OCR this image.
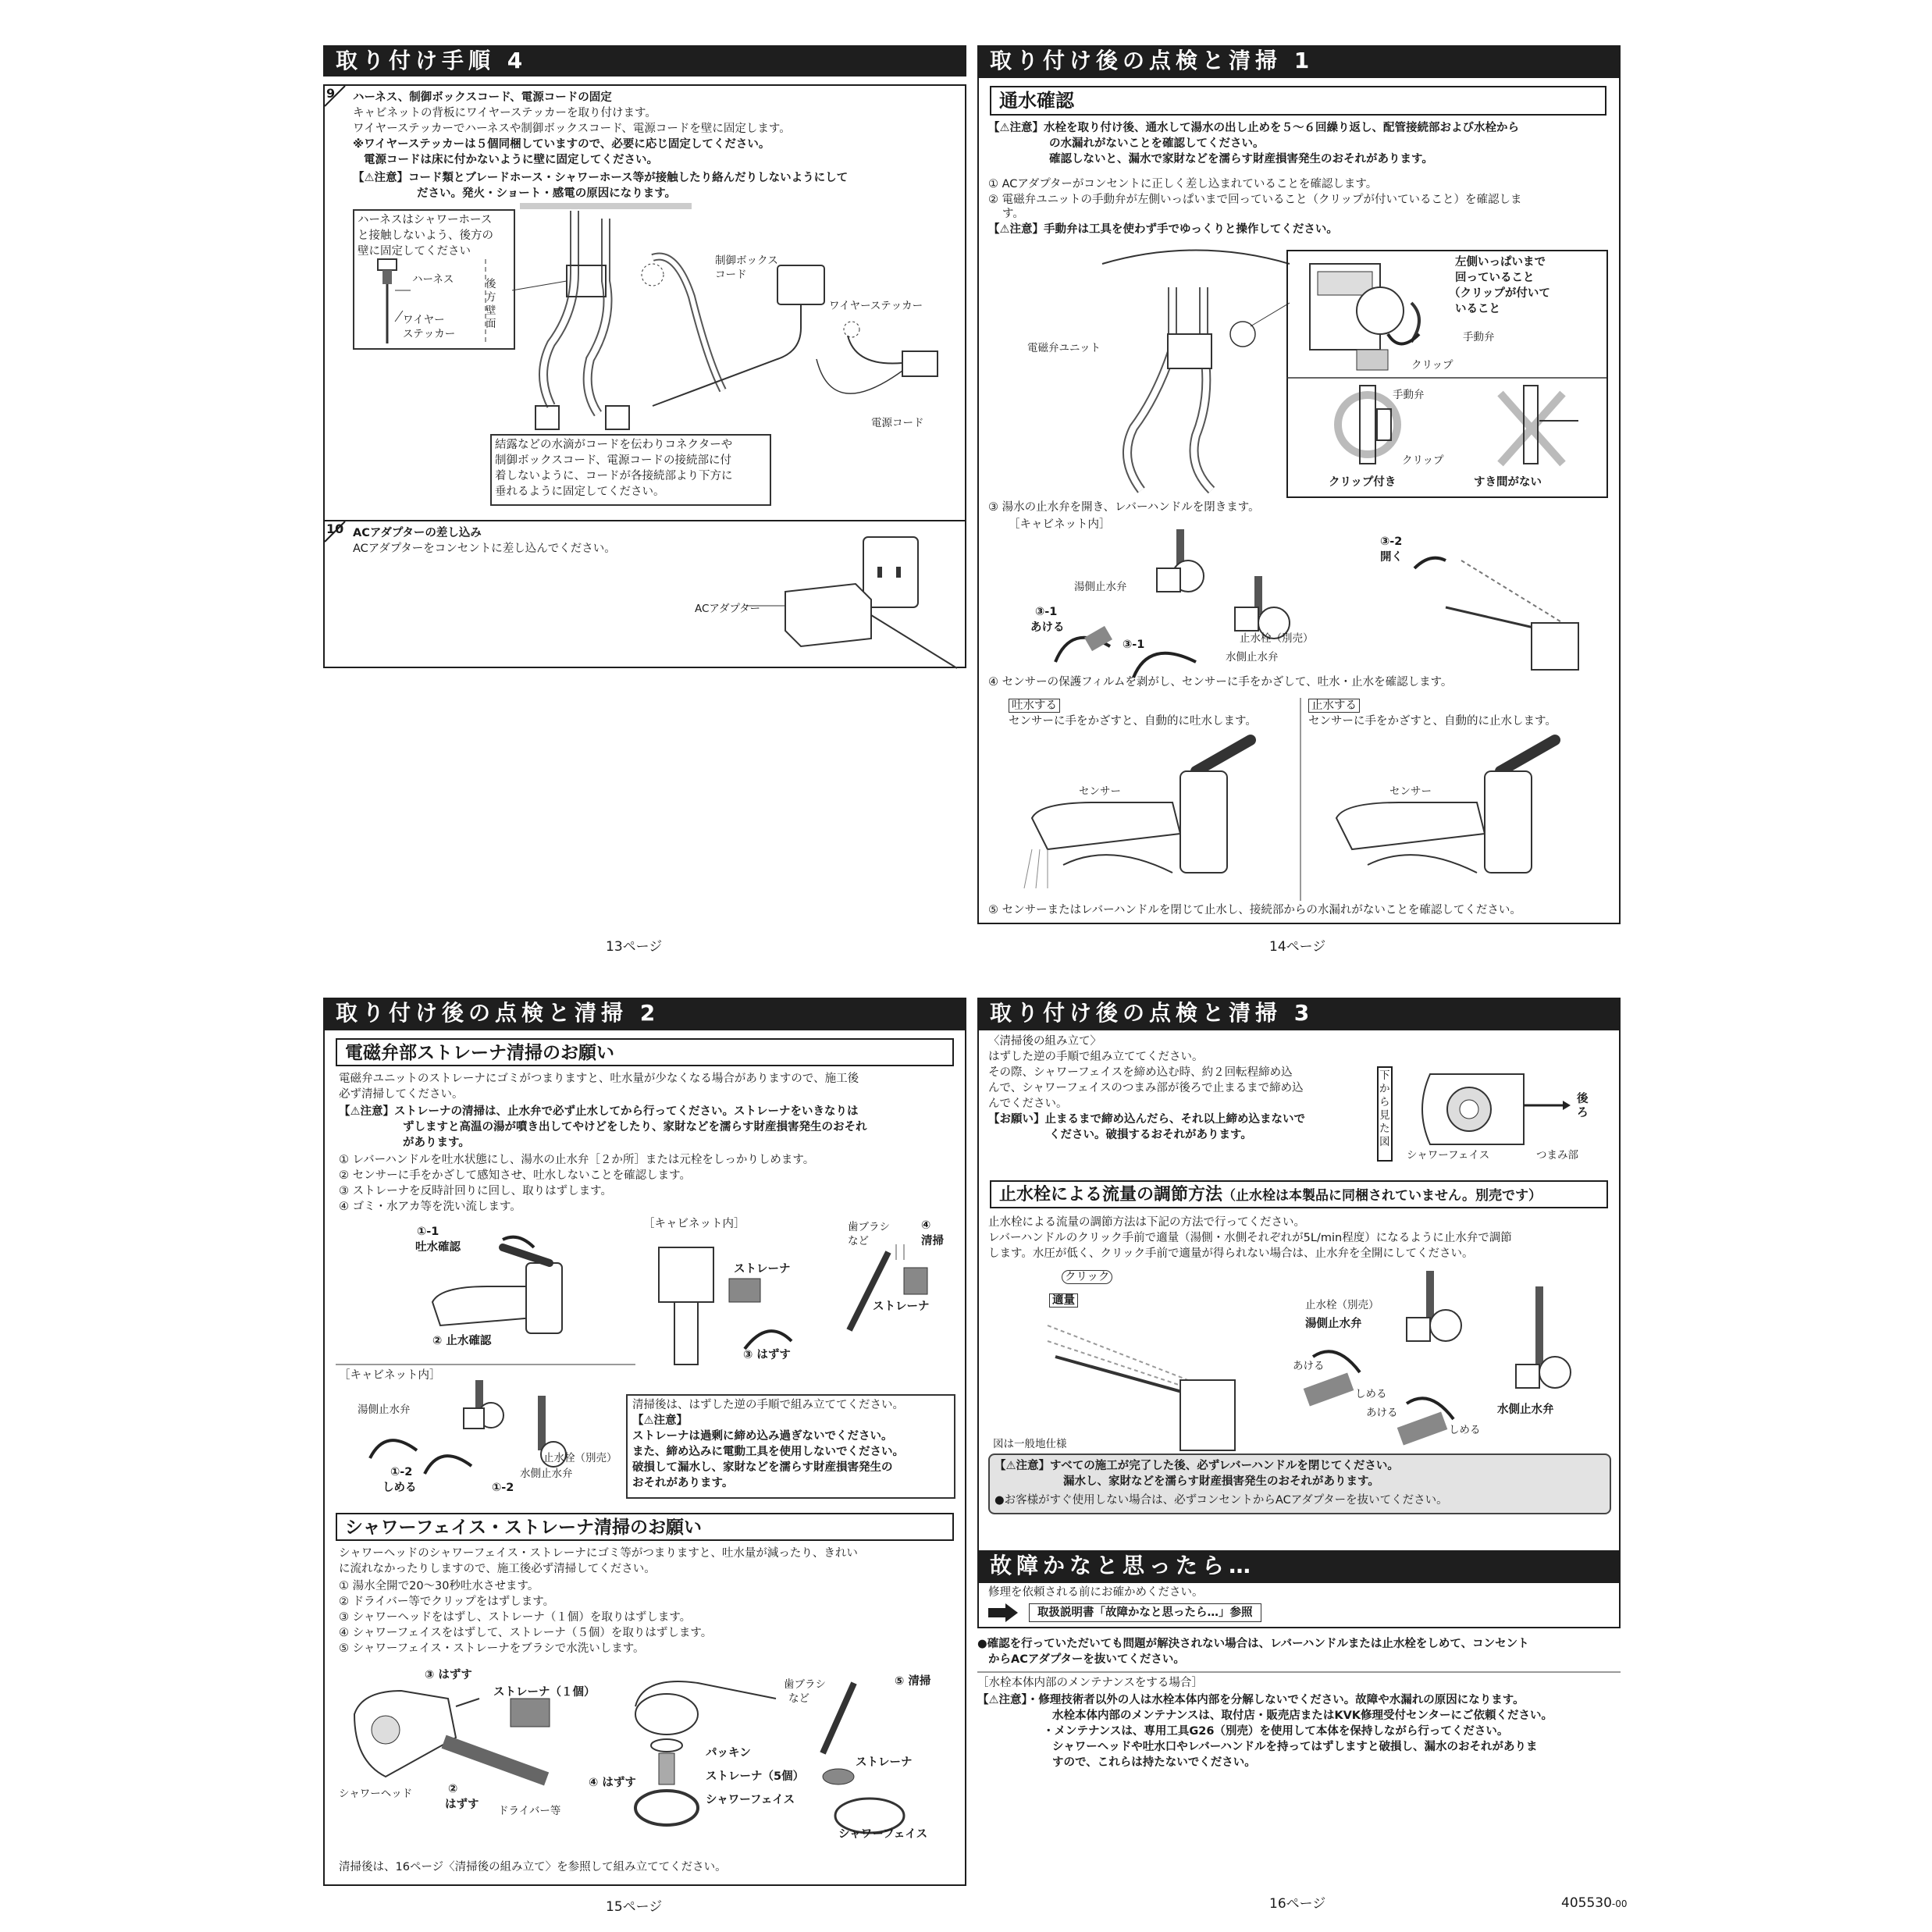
取り付け手順 4
9 ハーネス、制御ボックスコード、電源コードの固定
キャビネットの背板にワイヤーステッカーを取り付けます。
ワイヤーステッカーでハーネスや制御ボックスコード、電源コードを壁に固定します。
※ワイヤーステッカーは５個同梱していますので、必要に応じ固定してください。
電源コードは床に付かないように壁に固定してください。
【⚠注意】コード類とブレードホース・シャワーホース等が接触したり絡んだりしないようにして
ださい。発火・ショート・感電の原因になります。
ハーネスはシャワーホース
と接触しないよう、後方の
壁に固定してください
ハーネス
ワイヤー
ステッカー
後方壁面
制御ボックス
コード
ワイヤーステッカー
電源コード
結露などの水滴がコードを伝わりコネクターや
制御ボックスコード、電源コードの接続部に付
着しないように、コードが各接続部より下方に
垂れるように固定してください。
10 ACアダプターの差し込み
ACアダプターをコンセントに差し込んでください。
ACアダプター
13ページ
取り付け後の点検と清掃 1
通水確認
【⚠注意】水栓を取り付け後、通水して湯水の出し止めを５～６回繰り返し、配管接続部および水栓から
の水漏れがないことを確認してください。
確認しないと、漏水で家財などを濡らす財産損害発生のおそれがあります。
① ACアダプターがコンセントに正しく差し込まれていることを確認します。
② 電磁弁ユニットの手動弁が左側いっぱいまで回っていること（クリップが付いていること）を確認しま
す。
【⚠注意】手動弁は工具を使わず手でゆっくりと操作してください。
電磁弁ユニット
左側いっぱいまで
回っていること
（クリップが付いて
いること
手動弁
クリップ
手動弁
クリップ
クリップ付き	すき間がない
③ 湯水の止水弁を開き、レバーハンドルを閉きます。
［キャビネット内］
湯側止水弁
③-1
あける
③-1	止水栓（別売）
水側止水弁
③-2
開く
④ センサーの保護フィルムを剥がし、センサーに手をかざして、吐水・止水を確認します。
吐水する
センサーに手をかざすと、自動的に吐水します。
止水する
センサーに手をかざすと、自動的に止水します。
センサー	センサー
⑤ センサーまたはレバーハンドルを閉じて止水し、接続部からの水漏れがないことを確認してください。
14ページ
取り付け後の点検と清掃 2
電磁弁部ストレーナ清掃のお願い
電磁弁ユニットのストレーナにゴミがつまりますと、吐水量が少なくなる場合がありますので、施工後
必ず清掃してください。
【⚠注意】ストレーナの清掃は、止水弁で必ず止水してから行ってください。ストレーナをいきなりは
ずしますと高温の湯が噴き出してやけどをしたり、家財などを濡らす財産損害発生のおそれ
があります。
① レバーハンドルを吐水状態にし、湯水の止水弁［２か所］または元栓をしっかりしめます。
② センサーに手をかざして感知させ、吐水しないことを確認します。
③ ストレーナを反時計回りに回し、取りはずします。
④ ゴミ・水アカ等を洗い流します。
①-1
吐水確認
② 止水確認
［キャビネット内］
ストレーナ
歯ブラシ
など
④
清掃
ストレーナ
③ はずす
［キャビネット内］
湯側止水弁
①-2
しめる	①-2
止水栓（別売）
水側止水弁
清掃後は、はずした逆の手順で組み立ててください。
【⚠注意】
ストレーナは過剰に締め込み過ぎないでください。
また、締め込みに電動工具を使用しないでください。
破損して漏水し、家財などを濡らす財産損害発生の
おそれがあります。
シャワーフェイス・ストレーナ清掃のお願い
シャワーヘッドのシャワーフェイス・ストレーナにゴミ等がつまりますと、吐水量が減ったり、きれい
に流れなかったりしますので、施工後必ず清掃してください。
① 湯水全開で20～30秒吐水させます。
② ドライバー等でクリップをはずします。
③ シャワーヘッドをはずし、ストレーナ（１個）を取りはずします。
④ シャワーフェイスをはずして、ストレーナ（５個）を取りはずします。
⑤ シャワーフェイス・ストレーナをブラシで水洗いします。
③ はずす
ストレーナ（１個）
シャワーヘッド	②
はずす ドライバー等
パッキン
ストレーナ（5個）
④ はずす
シャワーフェイス
歯ブラシ
など
⑤ 清掃
ストレーナ
シャワーフェイス
清掃後は、16ページ〈清掃後の組み立て〉を参照して組み立ててください。
15ページ
取り付け後の点検と清掃 3
〈清掃後の組み立て〉
はずした逆の手順で組み立ててください。
その際、シャワーフェイスを締め込む時、約２回転程締め込
んで、シャワーフェイスのつまみ部が後ろで止まるまで締め込
んでください。
【お願い】止まるまで締め込んだら、それ以上締め込まないで
ください。破損するおそれがあります。
下から見た図
後
ろ
シャワーフェイス	つまみ部
止水栓による流量の調節方法（止水栓は本製品に同梱されていません。別売です）
止水栓による流量の調節方法は下記の方法で行ってください。
レバーハンドルのクリック手前で適量（湯側・水側それぞれが5L/min程度）になるように止水弁で調節
します。水圧が低く、クリック手前で適量が得られない場合は、止水弁を全開にしてください。
クリック
適量	止水栓（別売）
湯側止水弁
あける
しめる
あける
しめる
水側止水弁
図は一般地仕様
【⚠注意】すべての施工が完了した後、必ずレバーハンドルを閉じてください。
漏水し、家財などを濡らす財産損害発生のおそれがあります。
●お客様がすぐ使用しない場合は、必ずコンセントからACアダプターを抜いてください。
故障かなと思ったら…
修理を依頼される前にお確かめください。
取扱説明書「故障かなと思ったら…」参照
●確認を行っていただいても問題が解決されない場合は、レバーハンドルまたは止水栓をしめて、コンセント
からACアダプターを抜いてください。
［水栓本体内部のメンテナンスをする場合］
【⚠注意】・修理技術者以外の人は水栓本体内部を分解しないでください。故障や水漏れの原因になります。
水栓本体内部のメンテナンスは、取付店・販売店またはKVK修理受付センターにご依頼ください。
・メンテナンスは、専用工具G26（別売）を使用して本体を保持しながら行ってください。
シャワーヘッドや吐水口やレバーハンドルを持ってはずしますと破損し、漏水のおそれがありま
すので、これらは持たないでください。
16ページ	405530-00
